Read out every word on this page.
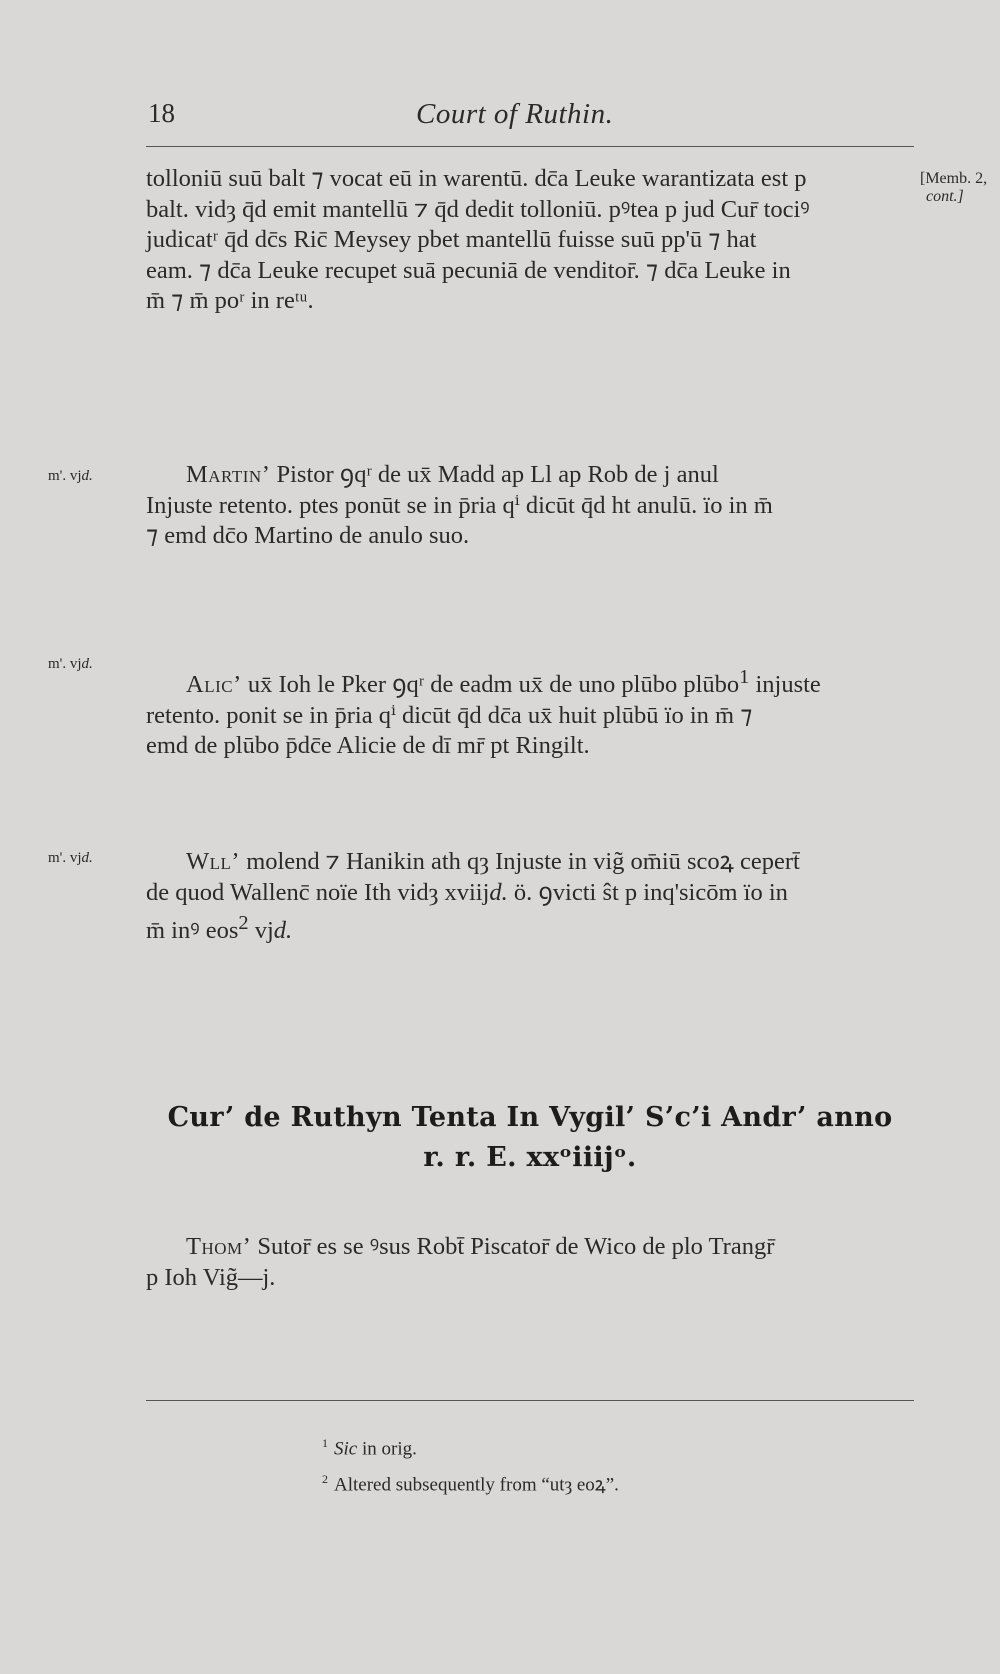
18	Court of Ruthin.
[Memb. 2,
cont.]
tolloniū suū balt ⁊ vocat eū in warentū. dc̄a Leuke warantizata est p
balt. vidȝ q̄d emit mantellū ⁊ q̄d dedit tolloniū. pꝰtea p jud Cur̄ tociꝰ
judicatʳ q̄d dc̄s Ric̄ Meysey pbet mantellū fuisse suū pp'ū ⁊ hat
eam. ⁊ dc̄a Leuke recupet suā pecuniā de venditor̄. ⁊ dc̄a Leuke in
m̄ ⁊ m̄ poʳ in reᵗᵘ.
m'. vjd.	Martin’ Pistor ꝯqʳ de ux̄ Madd ap Ll ap Rob de j anul
Injuste retento. ptes ponūt se in p̄ria qⁱ dicūt q̄d ht anulū. ïo in m̄
⁊ emd dc̄o Martino de anulo suo.
m'. vjd.
Alic’ ux̄ Ioh le Pker ꝯqʳ de eadm ux̄ de uno plūbo plūbo$^1$ injuste
retento. ponit se in p̄ria qⁱ dicūt q̄d dc̄a ux̄ huit plūbū ïo in m̄ ⁊
emd de plūbo p̄dc̄e Alicie de dī mr̄ pt Ringilt.
m'. vjd.	Wll’ molend ⁊ Hanikin ath qȝ Injuste in vig̃ om̄iū scoꝝ cepert̄
de quod Wallenc̄ noïe Ith vidȝ xviijd. ö. ꝯvicti ŝt p inq'sicōm ïo in
m̄ inꝰ eos$^2$ vjd.
Cur’ de Ruthyn Tenta In Vygil’ S’c’i Andr’ anno
r. r. E. xxᵒiiijᵒ.
Thom’ Sutor̄ es se ꝰsus Robt̄ Piscator̄ de Wico de plo Trangr̄
p Ioh Vig̃—j.
$^1$ Sic in orig.
$^2$ Altered subsequently from “utȝ eoꝝ”.
